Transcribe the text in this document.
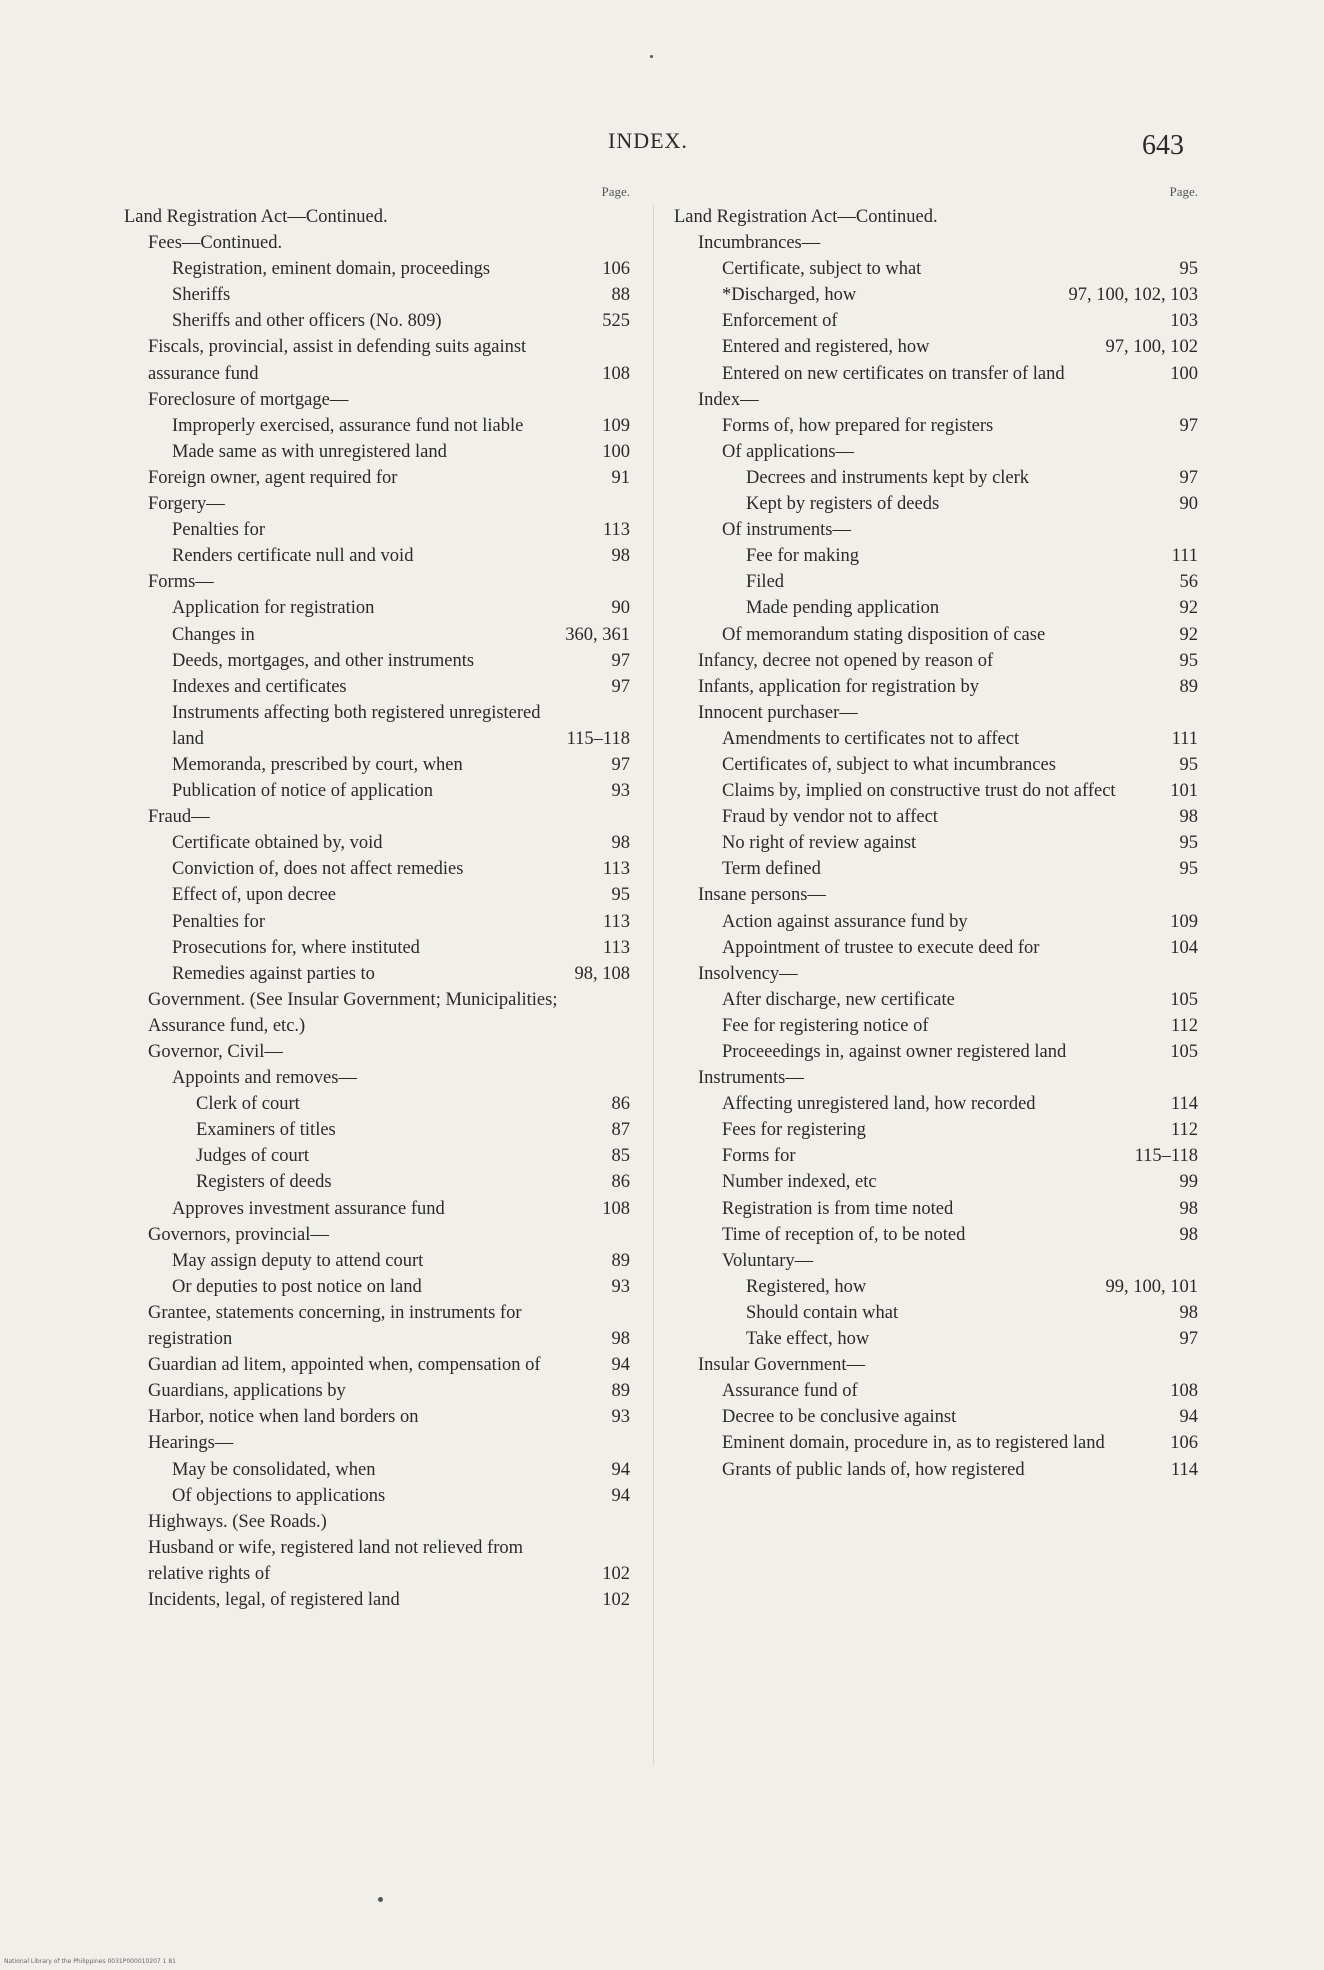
INDEX.	643
Page.
Land Registration Act—Continued.
Fees—Continued.
Registration, eminent domain, proceedings	106
Sheriffs	88
Sheriffs and other officers (No. 809)	525
Fiscals, provincial, assist in defending suits against assurance fund	108
Foreclosure of mortgage—
Improperly exercised, assurance fund not liable	109
Made same as with unregistered land	100
Foreign owner, agent required for	91
Forgery—
Penalties for	113
Renders certificate null and void	98
Forms—
Application for registration	90
Changes in	360, 361
Deeds, mortgages, and other instruments	97
Indexes and certificates	97
Instruments affecting both registered unregistered land	115–118
Memoranda, prescribed by court, when	97
Publication of notice of application	93
Fraud—
Certificate obtained by, void	98
Conviction of, does not affect remedies	113
Effect of, upon decree	95
Penalties for	113
Prosecutions for, where instituted	113
Remedies against parties to	98, 108
Government. (See Insular Government; Municipalities; Assurance fund, etc.)
Governor, Civil—
Appoints and removes—
Clerk of court	86
Examiners of titles	87
Judges of court	85
Registers of deeds	86
Approves investment assurance fund	108
Governors, provincial—
May assign deputy to attend court	89
Or deputies to post notice on land	93
Grantee, statements concerning, in instruments for registration	98
Guardian ad litem, appointed when, compensation of	94
Guardians, applications by	89
Harbor, notice when land borders on	93
Hearings—
May be consolidated, when	94
Of objections to applications	94
Highways. (See Roads.)
Husband or wife, registered land not relieved from relative rights of	102
Incidents, legal, of registered land	102
Page.
Land Registration Act—Continued.
Incumbrances—
Certificate, subject to what	95
*Discharged, how	97, 100, 102, 103
Enforcement of	103
Entered and registered, how	97, 100, 102
Entered on new certificates on transfer of land	100
Index—
Forms of, how prepared for registers	97
Of applications—
Decrees and instruments kept by clerk	97
Kept by registers of deeds	90
Of instruments—
Fee for making	111
Filed	56
Made pending application	92
Of memorandum stating disposition of case	92
Infancy, decree not opened by reason of	95
Infants, application for registration by	89
Innocent purchaser—
Amendments to certificates not to affect	111
Certificates of, subject to what incumbrances	95
Claims by, implied on constructive trust do not affect	101
Fraud by vendor not to affect	98
No right of review against	95
Term defined	95
Insane persons—
Action against assurance fund by	109
Appointment of trustee to execute deed for	104
Insolvency—
After discharge, new certificate	105
Fee for registering notice of	112
Proceeedings in, against owner registered land	105
Instruments—
Affecting unregistered land, how recorded	114
Fees for registering	112
Forms for	115–118
Number indexed, etc	99
Registration is from time noted	98
Time of reception of, to be noted	98
Voluntary—
Registered, how	99, 100, 101
Should contain what	98
Take effect, how	97
Insular Government—
Assurance fund of	108
Decree to be conclusive against	94
Eminent domain, procedure in, as to registered land	106
Grants of public lands of, how registered	114
National Library of the Philippines 0031P000010207 1 81
